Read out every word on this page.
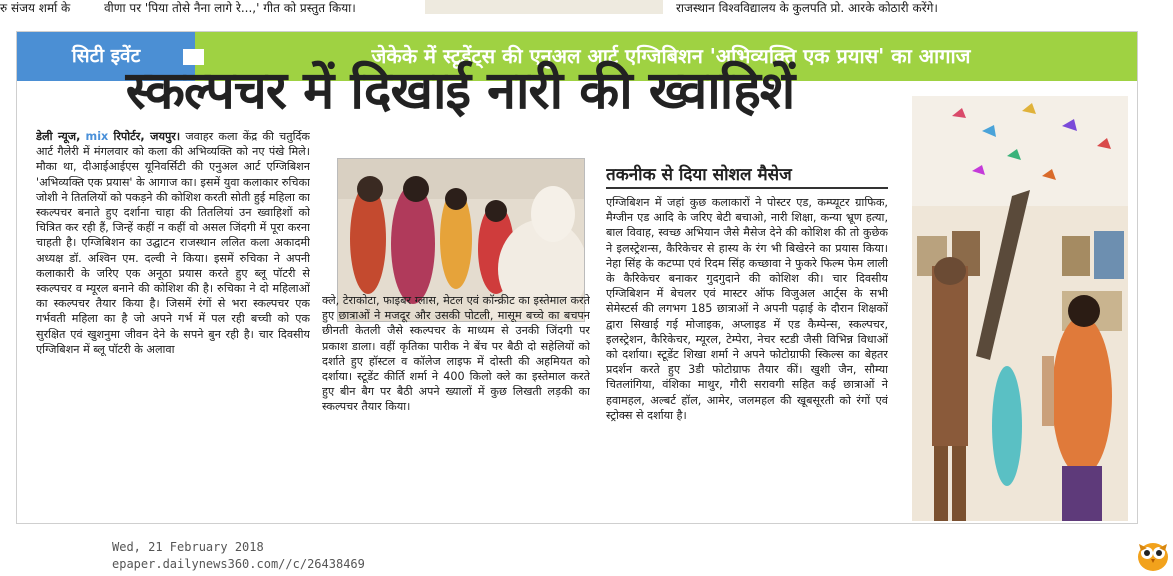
रु संजय शर्मा के	वीणा पर 'पिया तोसे नैना लागे रे...,' गीत को प्रस्तुत किया।	राजस्थान विश्वविद्यालय के कुलपति प्रो. आरके कोठारी करेंगे।
सिटी इवेंट	जेकेके में स्टूडेंट्स की एनुअल आर्ट एग्जिबिशन 'अभिव्यक्ति एक प्रयास' का आगाज
स्कल्पचर में दिखाई नारी की ख्वाहिशें

डेली न्यूज, mix रिपोर्टर, जयपुर। जवाहर कला केंद्र की चतुर्दिक आर्ट गैलेरी में मंगलवार को कला की अभिव्यक्ति को नए पंखे मिले। मौका था, दीआईआईएस यूनिवर्सिटी की एनुअल आर्ट एग्जिबिशन 'अभिव्यक्ति एक प्रयास' के आगाज का। इसमें युवा कलाकार रुचिका जोशी ने तितलियों को पकड़ने की कोशिश करती सोती हुई महिला का स्कल्पचर बनाते हुए दर्शाना चाहा की तितलियां उन ख्वाहिशों को चित्रित कर रही हैं, जिन्हें कहीं न कहीं वो असल जिंदगी में पूरा करना चाहती है। एग्जिबिशन का उद्घाटन राजस्थान ललित कला अकादमी अध्यक्ष डॉ. अश्विन एम. दल्वी ने किया। इसमें रुचिका ने अपनी कलाकारी के जरिए एक अनूठा प्रयास करते हुए ब्लू पॉटरी से स्कल्पचर व म्यूरल बनाने की कोशिश की है। रुचिका ने दो महिलाओं का स्कल्पचर तैयार किया है। जिसमें रंगों से भरा स्कल्पचर एक गर्भवती महिला का है जो अपने गर्भ में पल रही बच्ची को एक सुरक्षित एवं खुशनुमा जीवन देने के सपने बुन रही है। चार दिवसीय एग्जिबिशन में ब्लू पॉटरी के अलावा

क्ले, टेराकोटा, फाइबर ग्लास, मेटल एवं कॉन्क्रीट का इस्तेमाल करते हुए छात्राओं ने मजदूर और उसकी पोटली, मासूम बच्चे का बचपन छीनती केतली जैसे स्कल्पचर के माध्यम से उनकी जिंदगी पर प्रकाश डाला। वहीं कृतिका पारीक ने बेंच पर बैठी दो सहेलियों को दर्शाते हुए हॉस्टल व कॉलेज लाइफ में दोस्ती की अहमियत को दर्शाया। स्टूडेंट कीर्ति शर्मा ने 400 किलो क्ले का इस्तेमाल करते हुए बीन बैग पर बैठी अपने ख्यालों में कुछ लिखती लड़की का स्कल्पचर तैयार किया।

तकनीक से दिया सोशल मैसेज

एग्जिबिशन में जहां कुछ कलाकारों ने पोस्टर एड, कम्प्यूटर ग्राफिक, मैग्जीन एड आदि के जरिए बेटी बचाओ, नारी शिक्षा, कन्या भ्रूण हत्या, बाल विवाह, स्वच्छ अभियान जैसे मैसेज देने की कोशिश की तो कुछेक ने इलस्ट्रेशन्स, कैरिकेचर से हास्य के रंग भी बिखेरने का प्रयास किया। नेहा सिंह के कटप्पा एवं रिदम सिंह कच्छावा ने फुकरे फिल्म फेम लाली के कैरिकेचर बनाकर गुदगुदाने की कोशिश की। चार दिवसीय एग्जिबिशन में बेचलर एवं मास्टर ऑफ विजुअल आर्ट्स के सभी सेमेस्टर्स की लगभग 185 छात्राओं ने अपनी पढ़ाई के दौरान शिक्षकों द्वारा सिखाई गई मोजाइक, अप्लाइड में एड कैम्पेन्स, स्कल्पचर, इलस्ट्रेशन, कैरिकेचर, म्यूरल, टेम्पेरा, नेचर स्टडी जैसी विभिन्न विधाओं को दर्शाया। स्टूडेंट शिखा शर्मा ने अपने फोटोग्राफी स्किल्स का बेहतर प्रदर्शन करते हुए 3डी फोटोग्राफ तैयार कीं। खुशी जैन, सौम्या चितलांगिया, वंशिका माथुर, गौरी सरावगी सहित कई छात्राओं ने हवामहल, अल्बर्ट हॉल, आमेर, जलमहल की खूबसूरती को रंगों एवं स्ट्रोक्स से दर्शाया है।

Wed, 21 February 2018
epaper.dailynews360.com//c/26438469
